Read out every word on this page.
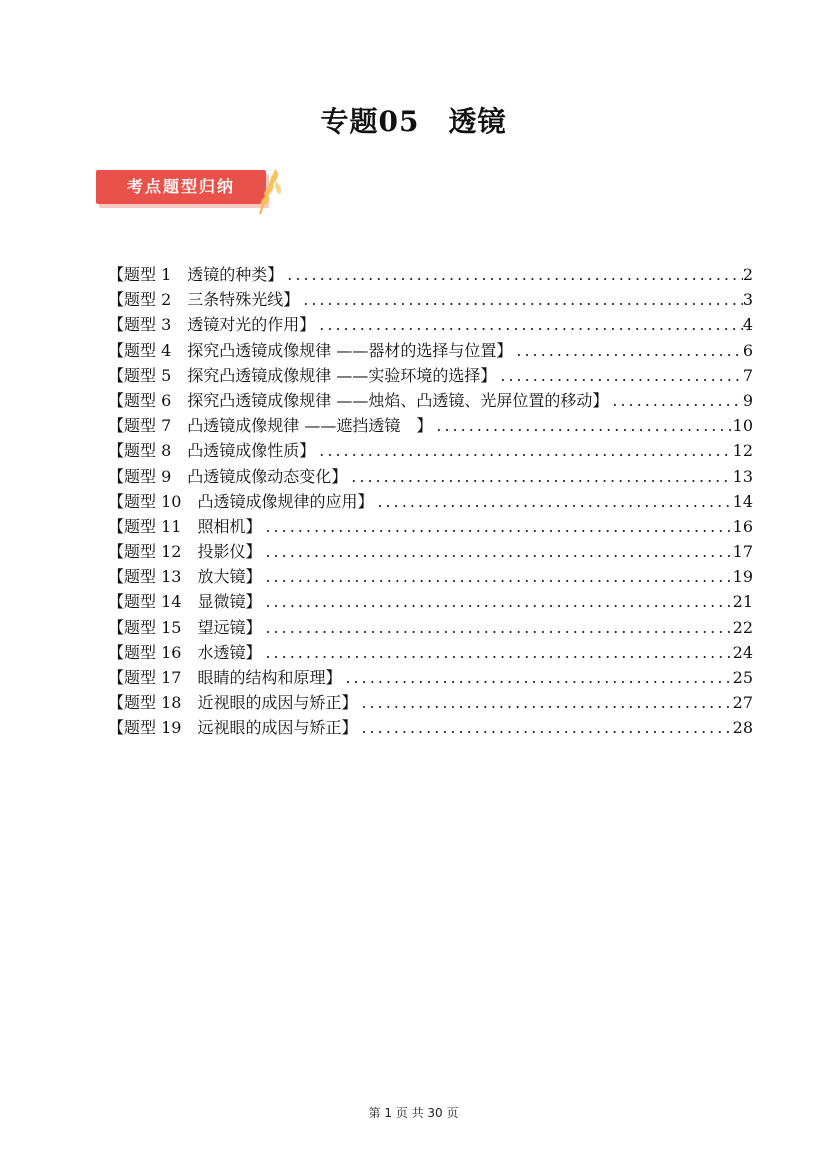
专题05　透镜
考点题型归纳
【题型 1　透镜的种类】 .....	2
【题型 2　三条特殊光线】 .....	3
【题型 3　透镜对光的作用】 .....	4
【题型 4　探究凸透镜成像规律 ——器材的选择与位置】 .....	6
【题型 5　探究凸透镜成像规律 ——实验环境的选择】 .....	7
【题型 6　探究凸透镜成像规律 ——烛焰、凸透镜、光屏位置的移动】 .....	9
【题型 7　凸透镜成像规律 ——遮挡透镜　】 .....	10
【题型 8　凸透镜成像性质】 .....	12
【题型 9　凸透镜成像动态变化】 .....	13
【题型 10　凸透镜成像规律的应用】 .....	14
【题型 11　照相机】 .....	16
【题型 12　投影仪】 .....	17
【题型 13　放大镜】 .....	19
【题型 14　显微镜】 .....	21
【题型 15　望远镜】 .....	22
【题型 16　水透镜】 .....	24
【题型 17　眼睛的结构和原理】 .....	25
【题型 18　近视眼的成因与矫正】 .....	27
【题型 19　远视眼的成因与矫正】 .....	28
第 1 页 共 30 页
